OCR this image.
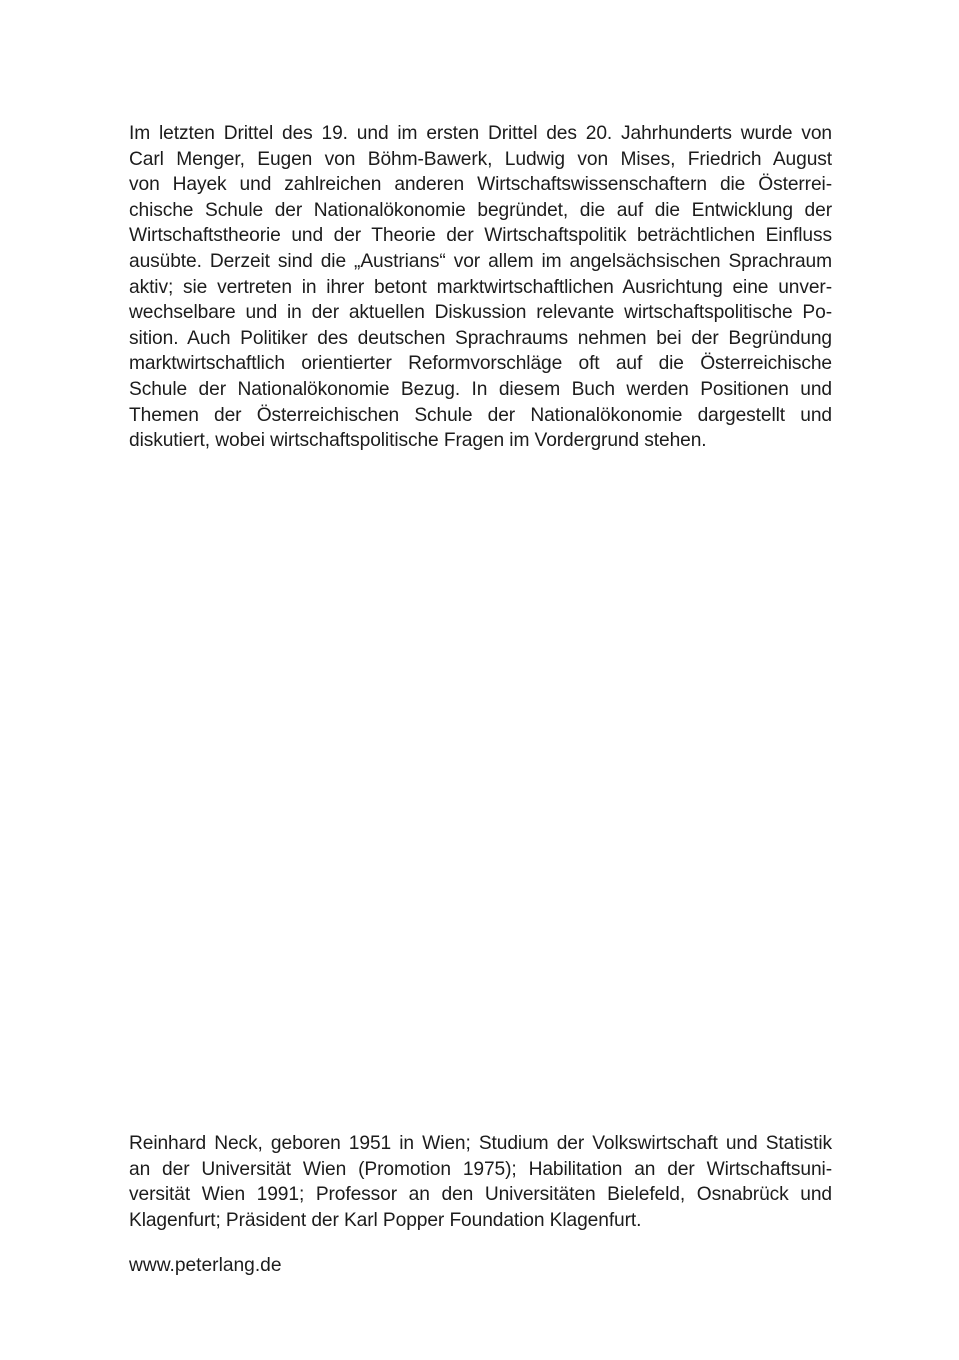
Im letzten Drittel des 19. und im ersten Drittel des 20. Jahrhunderts wurde von
Carl Menger, Eugen von Böhm-Bawerk, Ludwig von Mises, Friedrich August
von Hayek und zahlreichen anderen Wirtschaftswissenschaftern die Österrei-
chische Schule der Nationalökonomie begründet, die auf die Entwicklung der
Wirtschaftstheorie und der Theorie der Wirtschaftspolitik beträchtlichen Einfluss
ausübte. Derzeit sind die „Austrians“ vor allem im angelsächsischen Sprachraum
aktiv; sie vertreten in ihrer betont marktwirtschaftlichen Ausrichtung eine unver-
wechselbare und in der aktuellen Diskussion relevante wirtschaftspolitische Po-
sition. Auch Politiker des deutschen Sprachraums nehmen bei der Begründung
marktwirtschaftlich orientierter Reformvorschläge oft auf die Österreichische
Schule der Nationalökonomie Bezug. In diesem Buch werden Positionen und
Themen der Österreichischen Schule der Nationalökonomie dargestellt und
diskutiert, wobei wirtschaftspolitische Fragen im Vordergrund stehen.

Reinhard Neck, geboren 1951 in Wien; Studium der Volkswirtschaft und Statistik
an der Universität Wien (Promotion 1975); Habilitation an der Wirtschaftsuni-
versität Wien 1991; Professor an den Universitäten Bielefeld, Osnabrück und
Klagenfurt; Präsident der Karl Popper Foundation Klagenfurt.

www.peterlang.de
